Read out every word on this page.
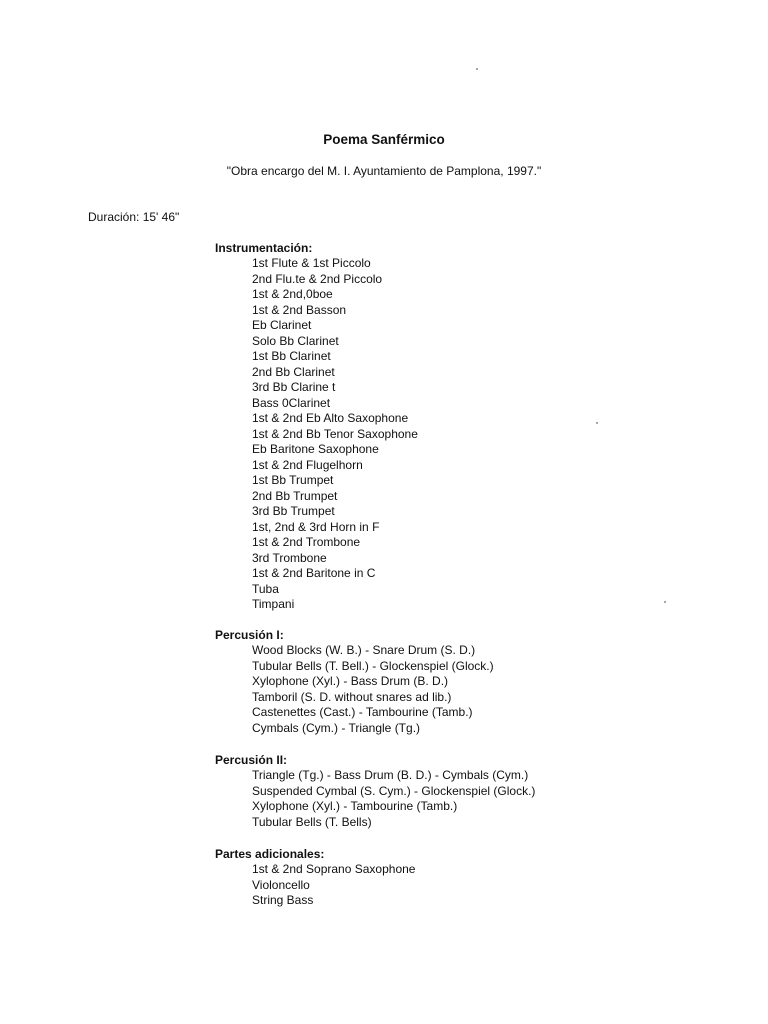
Poema Sanférmico
"Obra encargo del M. I. Ayuntamiento de Pamplona, 1997."
Duración: 15' 46"
Instrumentación:
1st Flute & 1st Piccolo
2nd Flu.te & 2nd Piccolo
1st & 2nd,0boe
1st & 2nd Basson
Eb Clarinet
Solo Bb Clarinet
1st Bb Clarinet
2nd Bb Clarinet
3rd Bb Clarine t
Bass 0Clarinet
1st & 2nd Eb Alto Saxophone
1st & 2nd Bb Tenor Saxophone
Eb Baritone Saxophone
1st & 2nd Flugelhorn
1st Bb Trumpet
2nd Bb Trumpet
3rd Bb Trumpet
1st, 2nd & 3rd Horn in F
1st & 2nd Trombone
3rd Trombone
1st & 2nd Baritone in C
Tuba
Timpani
Percusión I:
Wood Blocks (W. B.) - Snare Drum (S. D.)
Tubular Bells (T. Bell.) - Glockenspiel (Glock.)
Xylophone (Xyl.) - Bass Drum (B. D.)
Tamboril (S. D. without snares ad lib.)
Castenettes (Cast.) - Tambourine (Tamb.)
Cymbals (Cym.) - Triangle (Tg.)
Percusión II:
Triangle (Tg.) - Bass Drum (B. D.) - Cymbals (Cym.)
Suspended Cymbal (S. Cym.) - Glockenspiel (Glock.)
Xylophone (Xyl.) - Tambourine (Tamb.)
Tubular Bells (T. Bells)
Partes adicionales:
1st & 2nd Soprano Saxophone
Violoncello
String Bass
